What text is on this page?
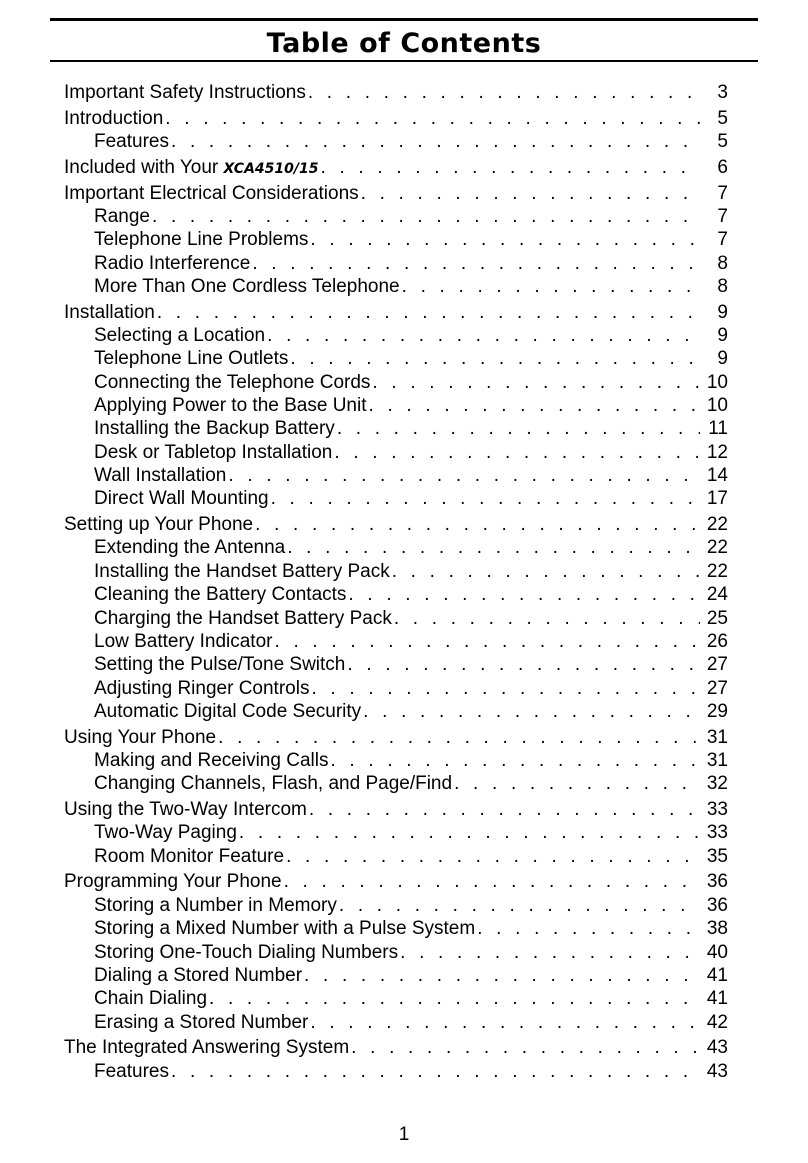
Table of Contents
Important Safety Instructions . . .	3
Introduction . . .	5
Features . . .	5
Included with Your XCA4510/15 . . .	6
Important Electrical Considerations . . .	7
Range . . .	7
Telephone Line Problems . . .	7
Radio Interference . . .	8
More Than One Cordless Telephone . . .	8
Installation . . .	9
Selecting a Location . . .	9
Telephone Line Outlets . . .	9
Connecting the Telephone Cords . . .	10
Applying Power to the Base Unit . . .	10
Installing the Backup Battery . . .	11
Desk or Tabletop Installation . . .	12
Wall Installation . . .	14
Direct Wall Mounting . . .	17
Setting up Your Phone . . .	22
Extending the Antenna . . .	22
Installing the Handset Battery Pack . . .	22
Cleaning the Battery Contacts . . .	24
Charging the Handset Battery Pack . . .	25
Low Battery Indicator . . .	26
Setting the Pulse/Tone Switch . . .	27
Adjusting Ringer Controls . . .	27
Automatic Digital Code Security . . .	29
Using Your Phone . . .	31
Making and Receiving Calls . . .	31
Changing Channels, Flash, and Page/Find . . .	32
Using the Two-Way Intercom . . .	33
Two-Way Paging . . .	33
Room Monitor Feature . . .	35
Programming Your Phone . . .	36
Storing a Number in Memory . . .	36
Storing a Mixed Number with a Pulse System . . .	38
Storing One-Touch Dialing Numbers . . .	40
Dialing a Stored Number . . .	41
Chain Dialing . . .	41
Erasing a Stored Number . . .	42
The Integrated Answering System . . .	43
Features . . .	43
1
